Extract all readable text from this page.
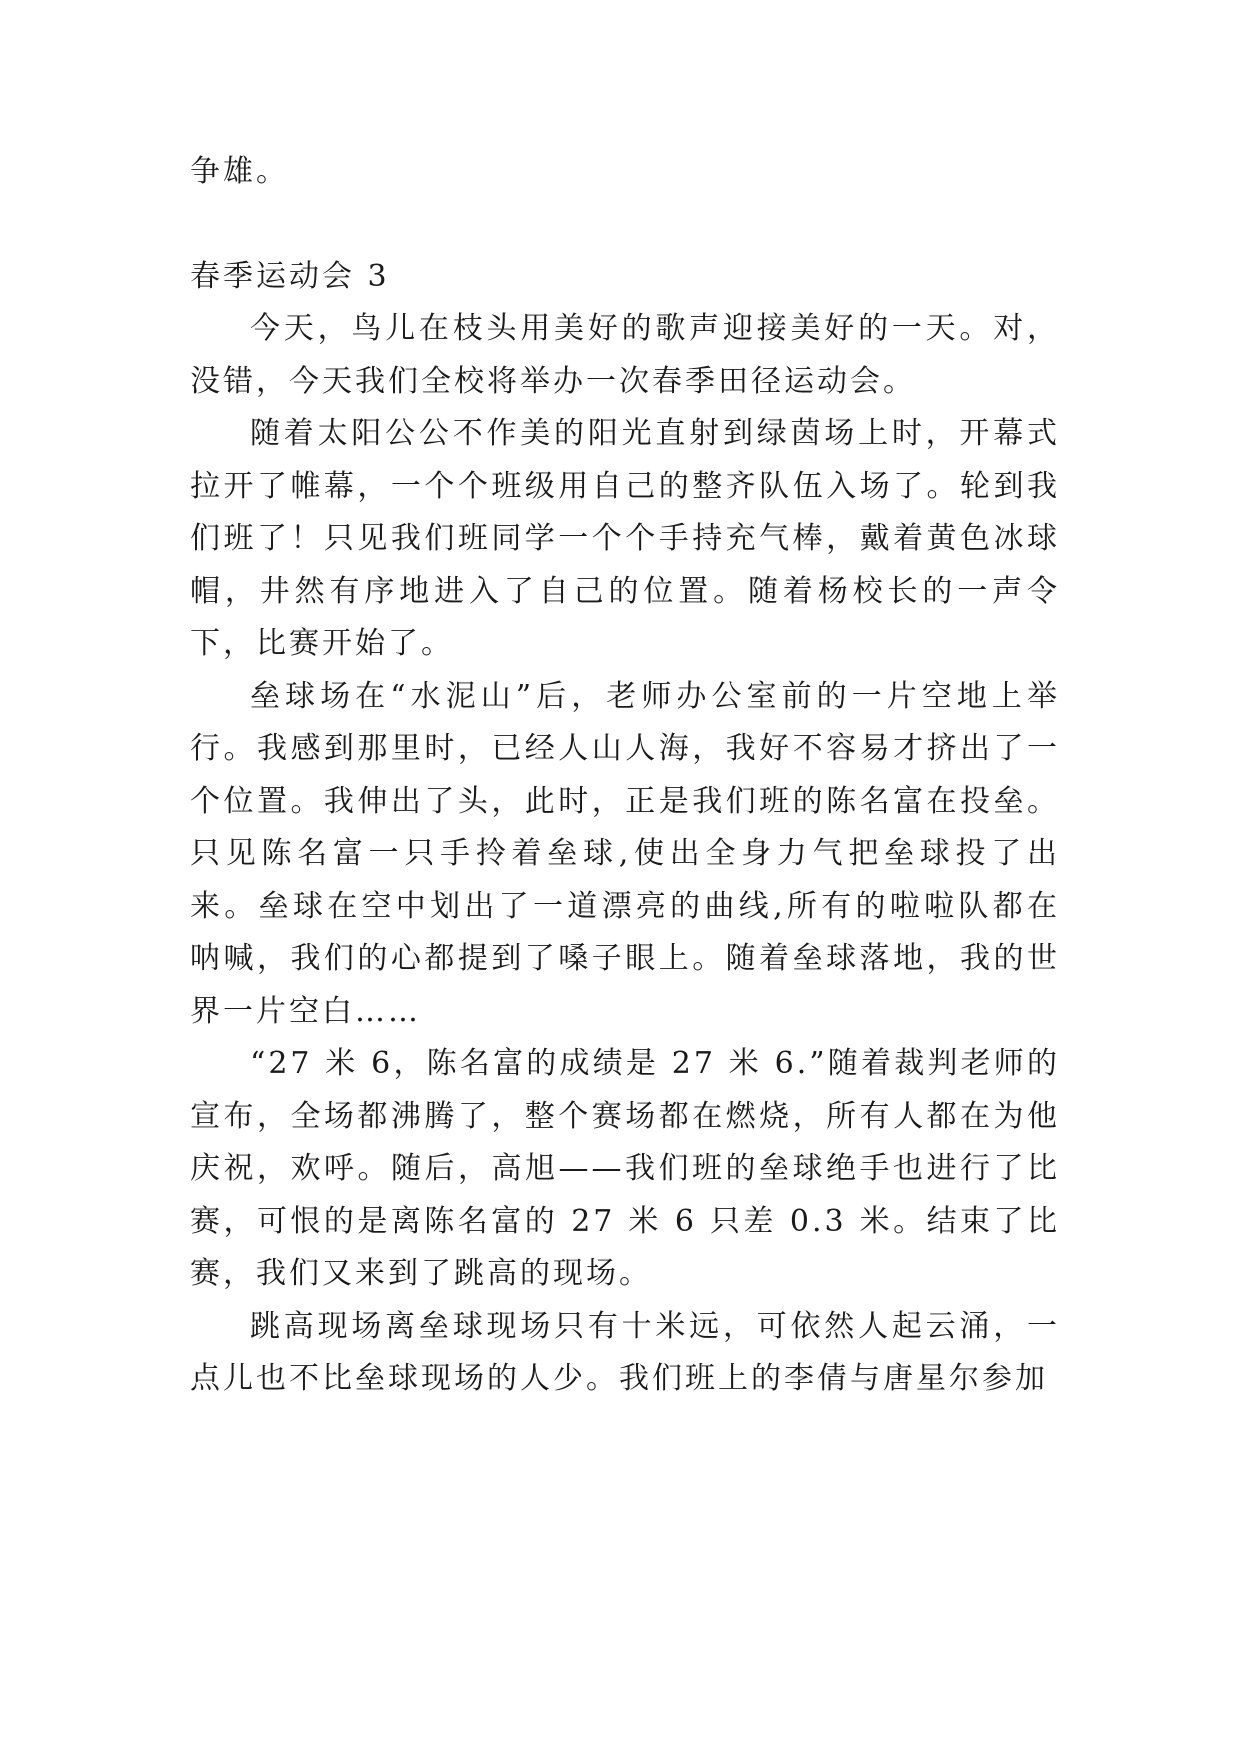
争雄。

春季运动会 3

今天，鸟儿在枝头用美好的歌声迎接美好的一天。对，没错，今天我们全校将举办一次春季田径运动会。

随着太阳公公不作美的阳光直射到绿茵场上时，开幕式拉开了帷幕，一个个班级用自己的整齐队伍入场了。轮到我们班了！只见我们班同学一个个手持充气棒，戴着黄色冰球帽，井然有序地进入了自己的位置。随着杨校长的一声令下，比赛开始了。

垒球场在“水泥山”后，老师办公室前的一片空地上举行。我感到那里时，已经人山人海，我好不容易才挤出了一个位置。我伸出了头，此时，正是我们班的陈名富在投垒。只见陈名富一只手拎着垒球,使出全身力气把垒球投了出来。垒球在空中划出了一道漂亮的曲线,所有的啦啦队都在呐喊，我们的心都提到了嗓子眼上。随着垒球落地，我的世界一片空白……

“27 米 6，陈名富的成绩是 27 米 6.”随着裁判老师的宣布，全场都沸腾了，整个赛场都在燃烧，所有人都在为他庆祝，欢呼。随后，高旭——我们班的垒球绝手也进行了比赛，可恨的是离陈名富的 27 米 6 只差 0.3 米。结束了比赛，我们又来到了跳高的现场。

跳高现场离垒球现场只有十米远，可依然人起云涌，一点儿也不比垒球现场的人少。我们班上的李倩与唐星尔参加
